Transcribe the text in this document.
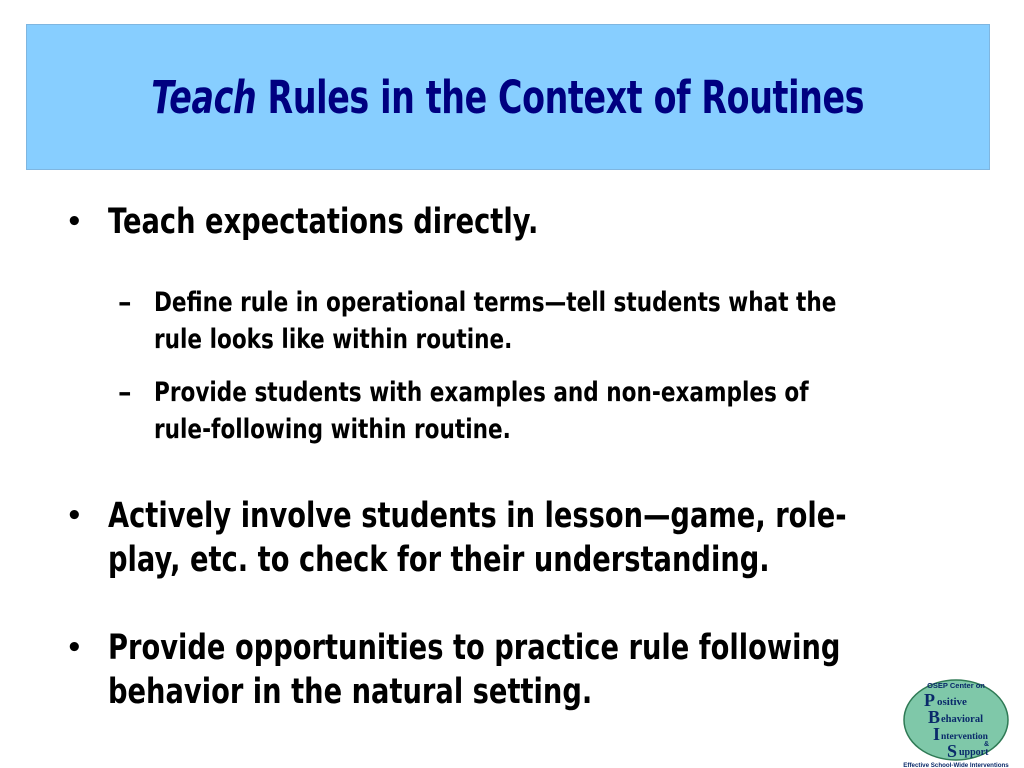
Teach Rules in the Context of Routines
• Teach expectations directly.
– Define rule in operational terms—tell students what the
rule looks like within routine.
– Provide students with examples and non-examples of
rule-following within routine.
• Actively involve students in lesson—game, role-
play, etc. to check for their understanding.
• Provide opportunities to practice rule following
behavior in the natural setting.	OSEP Center on
P ositive
B ehavioral
I ntervention
&
S upport
Effective School-Wide Interventions
